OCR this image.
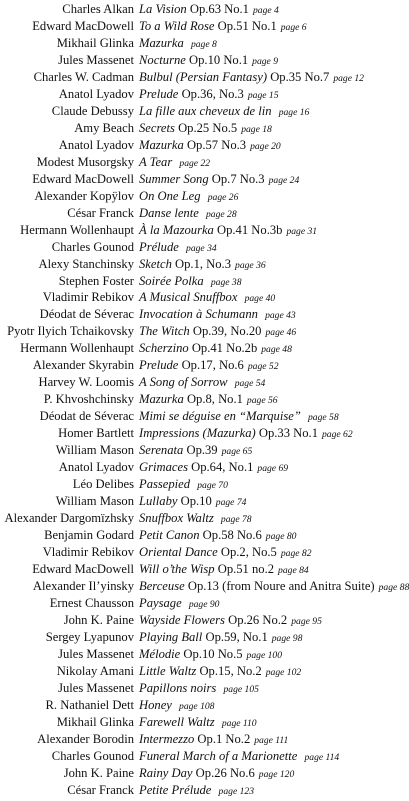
Charles Alkan La Vision Op.63 No.1 page 4
Edward MacDowell To a Wild Rose Op.51 No.1 page 6
Mikhail Glinka Mazurka page 8
Jules Massenet Nocturne Op.10 No.1 page 9
Charles W. Cadman Bulbul (Persian Fantasy) Op.35 No.7 page 12
Anatol Lyadov Prelude Op.36, No.3 page 15
Claude Debussy La fille aux cheveux de lin page 16
Amy Beach Secrets Op.25 No.5 page 18
Anatol Lyadov Mazurka Op.57 No.3 page 20
Modest Musorgsky A Tear page 22
Edward MacDowell Summer Song Op.7 No.3 page 24
Alexander Kopÿlov On One Leg page 26
César Franck Danse lente page 28
Hermann Wollenhaupt À la Mazourka Op.41 No.3b page 31
Charles Gounod Prélude page 34
Alexy Stanchinsky Sketch Op.1, No.3 page 36
Stephen Foster Soirée Polka page 38
Vladimir Rebikov A Musical Snuffbox page 40
Déodat de Séverac Invocation à Schumann page 43
Pyotr Ilyich Tchaikovsky The Witch Op.39, No.20 page 46
Hermann Wollenhaupt Scherzino Op.41 No.2b page 48
Alexander Skyrabin Prelude Op.17, No.6 page 52
Harvey W. Loomis A Song of Sorrow page 54
P. Khvoshchinsky Mazurka Op.8, No.1 page 56
Déodat de Séverac Mimi se déguise en “Marquise” page 58
Homer Bartlett Impressions (Mazurka) Op.33 No.1 page 62
William Mason Serenata Op.39 page 65
Anatol Lyadov Grimaces Op.64, No.1 page 69
Léo Delibes Passepied page 70
William Mason Lullaby Op.10 page 74
Alexander Dargomïzhsky Snuffbox Waltz page 78
Benjamin Godard Petit Canon Op.58 No.6 page 80
Vladimir Rebikov Oriental Dance Op.2, No.5 page 82
Edward MacDowell Will o’the Wisp Op.51 no.2 page 84
Alexander Il’yinsky Berceuse Op.13 (from Noure and Anitra Suite) page 88
Ernest Chausson Paysage page 90
John K. Paine Wayside Flowers Op.26 No.2 page 95
Sergey Lyapunov Playing Ball Op.59, No.1 page 98
Jules Massenet Mélodie Op.10 No.5 page 100
Nikolay Amani Little Waltz Op.15, No.2 page 102
Jules Massenet Papillons noirs page 105
R. Nathaniel Dett Honey page 108
Mikhail Glinka Farewell Waltz page 110
Alexander Borodin Intermezzo Op.1 No.2 page 111
Charles Gounod Funeral March of a Marionette page 114
John K. Paine Rainy Day Op.26 No.6 page 120
César Franck Petite Prélude page 123
